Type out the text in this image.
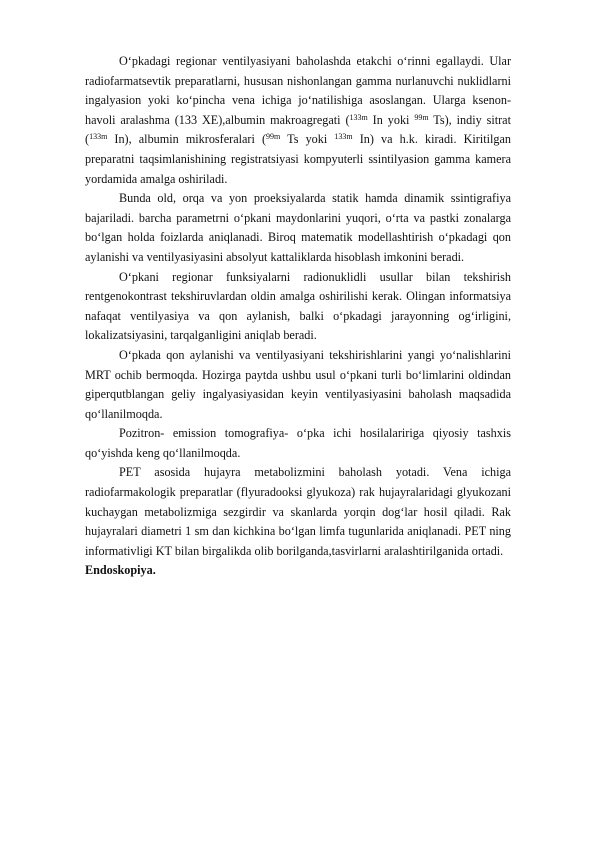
O‘pkadagi regionar ventilyasiyani baholashda etakchi o‘rinni egallaydi. Ular radiofarmatsevtik preparatlarni, hususan nishonlangan gamma nurlanuvchi nuklidlarni ingalyasion yoki ko‘pincha vena ichiga jo‘natilishiga asoslangan. Ularga ksenon-havoli aralashma (133 XE),albumin makroagregati ($^{133m}$ In yoki $^{99m}$ Ts), indiy sitrat ($^{133m}$ In), albumin mikrosferalari ($^{99m}$ Ts yoki $^{133m}$ In) va h.k. kiradi. Kiritilgan preparatni taqsimlanishining registratsiyasi kompyuterli ssintilyasion gamma kamera yordamida amalga oshiriladi.

Bunda old, orqa va yon proeksiyalarda statik hamda dinamik ssintigrafiya bajariladi. barcha parametrni o‘pkani maydonlarini yuqori, o‘rta va pastki zonalarga bo‘lgan holda foizlarda aniqlanadi. Biroq matematik modellashtirish o‘pkadagi qon aylanishi va ventilyasiyasini absolyut kattaliklarda hisoblash imkonini beradi.

O‘pkani regionar funksiyalarni radionuklidli usullar bilan tekshirish rentgenokontrast tekshiruvlardan oldin amalga oshirilishi kerak. Olingan informatsiya nafaqat ventilyasiya va qon aylanish, balki o‘pkadagi jarayonning og‘irligini, lokalizatsiyasini, tarqalganligini aniqlab beradi.

O‘pkada qon aylanishi va ventilyasiyani tekshirishlarini yangi yo‘nalishlarini MRT ochib bermoqda. Hozirga paytda ushbu usul o‘pkani turli bo‘limlarini oldindan giperqutblangan geliy ingalyasiyasidan keyin ventilyasiyasini baholash maqsadida qo‘llanilmoqda.

Pozitron- emission tomografiya- o‘pka ichi hosilalaririga qiyosiy tashxis qo‘yishda keng qo‘llanilmoqda.

PET asosida hujayra metabolizmini baholash yotadi. Vena ichiga radiofarmakologik preparatlar (flyuradooksi glyukoza) rak hujayralaridagi glyukozani kuchaygan metabolizmiga sezgirdir va skanlarda yorqin dog‘lar hosil qiladi. Rak hujayralari diametri 1 sm dan kichkina bo‘lgan limfa tugunlarida aniqlanadi. PET ning informativligi KT bilan birgalikda olib borilganda,tasvirlarni aralashtirilganida ortadi.

Endoskopiya.
